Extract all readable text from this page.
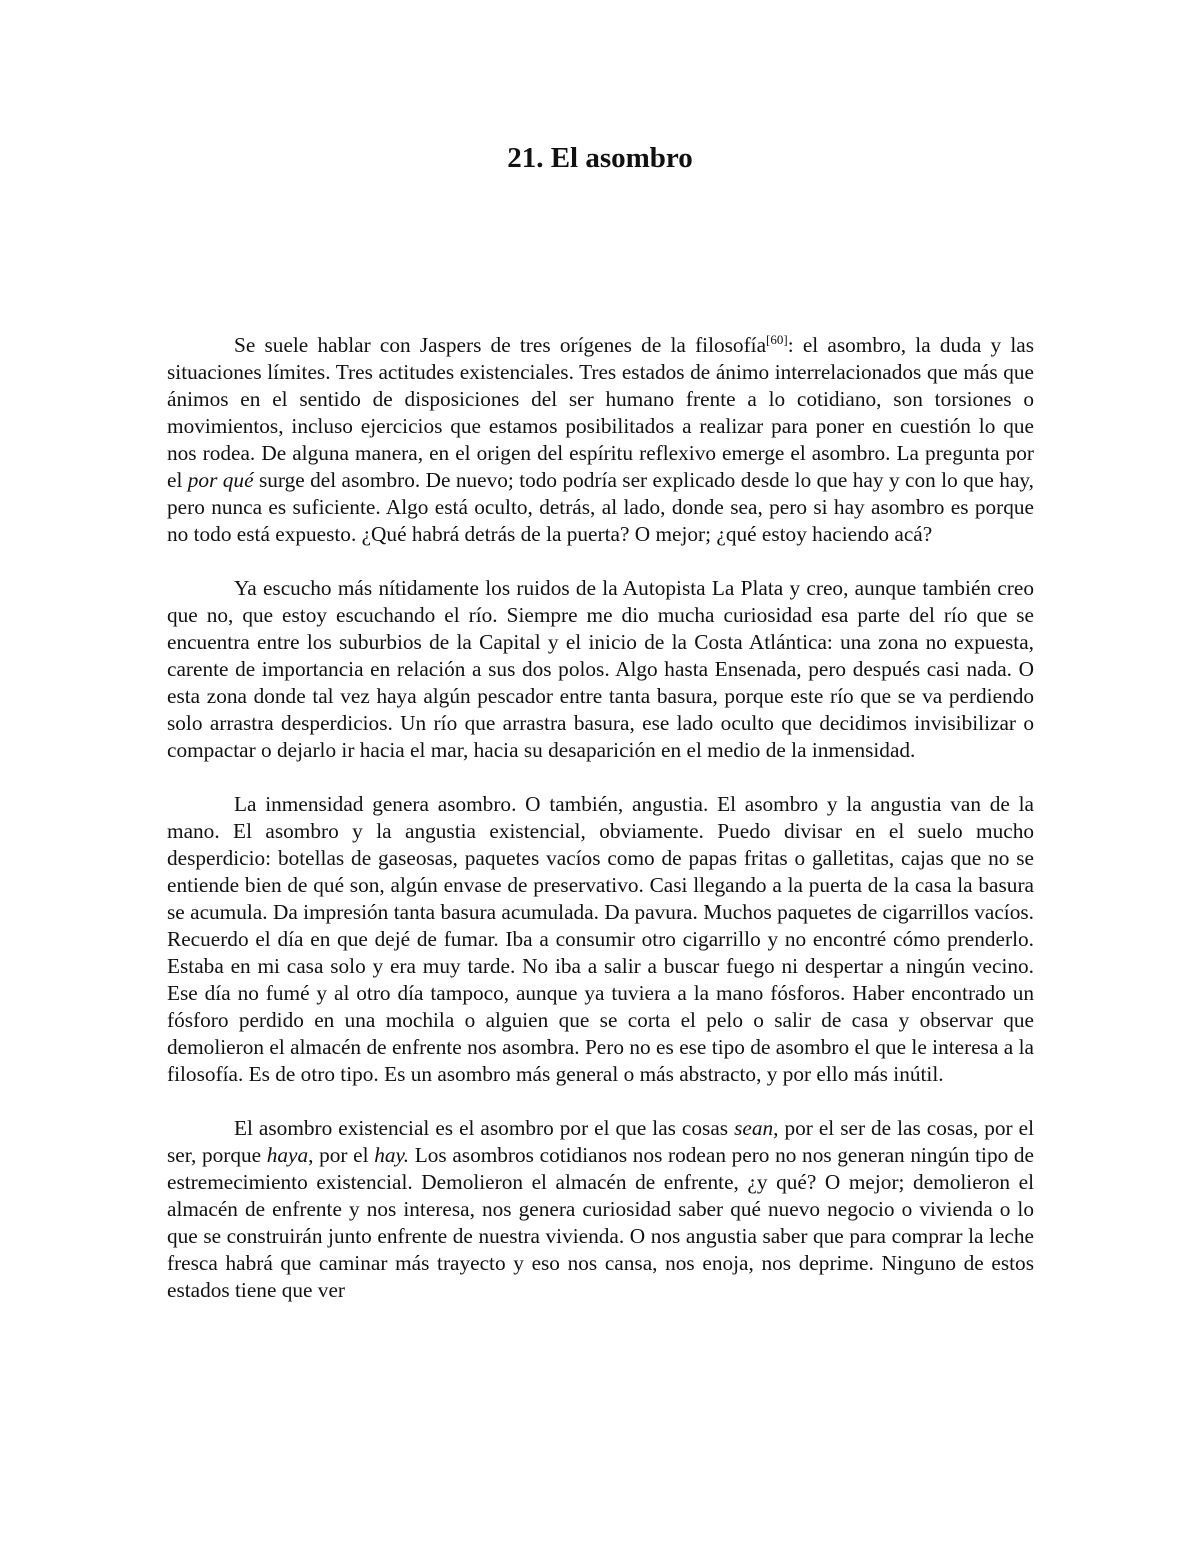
21. El asombro

Se suele hablar con Jaspers de tres orígenes de la filosofía[60]: el asombro, la duda y las situaciones límites. Tres actitudes existenciales. Tres estados de ánimo interrelacionados que más que ánimos en el sentido de disposiciones del ser humano frente a lo cotidiano, son torsiones o movimientos, incluso ejercicios que estamos posibilitados a realizar para poner en cuestión lo que nos rodea. De alguna manera, en el origen del espíritu reflexivo emerge el asombro. La pregunta por el por qué surge del asombro. De nuevo; todo podría ser explicado desde lo que hay y con lo que hay, pero nunca es suficiente. Algo está oculto, detrás, al lado, donde sea, pero si hay asombro es porque no todo está expuesto. ¿Qué habrá detrás de la puerta? O mejor; ¿qué estoy haciendo acá?

Ya escucho más nítidamente los ruidos de la Autopista La Plata y creo, aunque también creo que no, que estoy escuchando el río. Siempre me dio mucha curiosidad esa parte del río que se encuentra entre los suburbios de la Capital y el inicio de la Costa Atlántica: una zona no expuesta, carente de importancia en relación a sus dos polos. Algo hasta Ensenada, pero después casi nada. O esta zona donde tal vez haya algún pescador entre tanta basura, porque este río que se va perdiendo solo arrastra desperdicios. Un río que arrastra basura, ese lado oculto que decidimos invisibilizar o compactar o dejarlo ir hacia el mar, hacia su desaparición en el medio de la inmensidad.

La inmensidad genera asombro. O también, angustia. El asombro y la angustia van de la mano. El asombro y la angustia existencial, obviamente. Puedo divisar en el suelo mucho desperdicio: botellas de gaseosas, paquetes vacíos como de papas fritas o galletitas, cajas que no se entiende bien de qué son, algún envase de preservativo. Casi llegando a la puerta de la casa la basura se acumula. Da impresión tanta basura acumulada. Da pavura. Muchos paquetes de cigarrillos vacíos. Recuerdo el día en que dejé de fumar. Iba a consumir otro cigarrillo y no encontré cómo prenderlo. Estaba en mi casa solo y era muy tarde. No iba a salir a buscar fuego ni despertar a ningún vecino. Ese día no fumé y al otro día tampoco, aunque ya tuviera a la mano fósforos. Haber encontrado un fósforo perdido en una mochila o alguien que se corta el pelo o salir de casa y observar que demolieron el almacén de enfrente nos asombra. Pero no es ese tipo de asombro el que le interesa a la filosofía. Es de otro tipo. Es un asombro más general o más abstracto, y por ello más inútil.

El asombro existencial es el asombro por el que las cosas sean, por el ser de las cosas, por el ser, porque haya, por el hay. Los asombros cotidianos nos rodean pero no nos generan ningún tipo de estremecimiento existencial. Demolieron el almacén de enfrente, ¿y qué? O mejor; demolieron el almacén de enfrente y nos interesa, nos genera curiosidad saber qué nuevo negocio o vivienda o lo que se construirán junto enfrente de nuestra vivienda. O nos angustia saber que para comprar la leche fresca habrá que caminar más trayecto y eso nos cansa, nos enoja, nos deprime. Ninguno de estos estados tiene que ver
